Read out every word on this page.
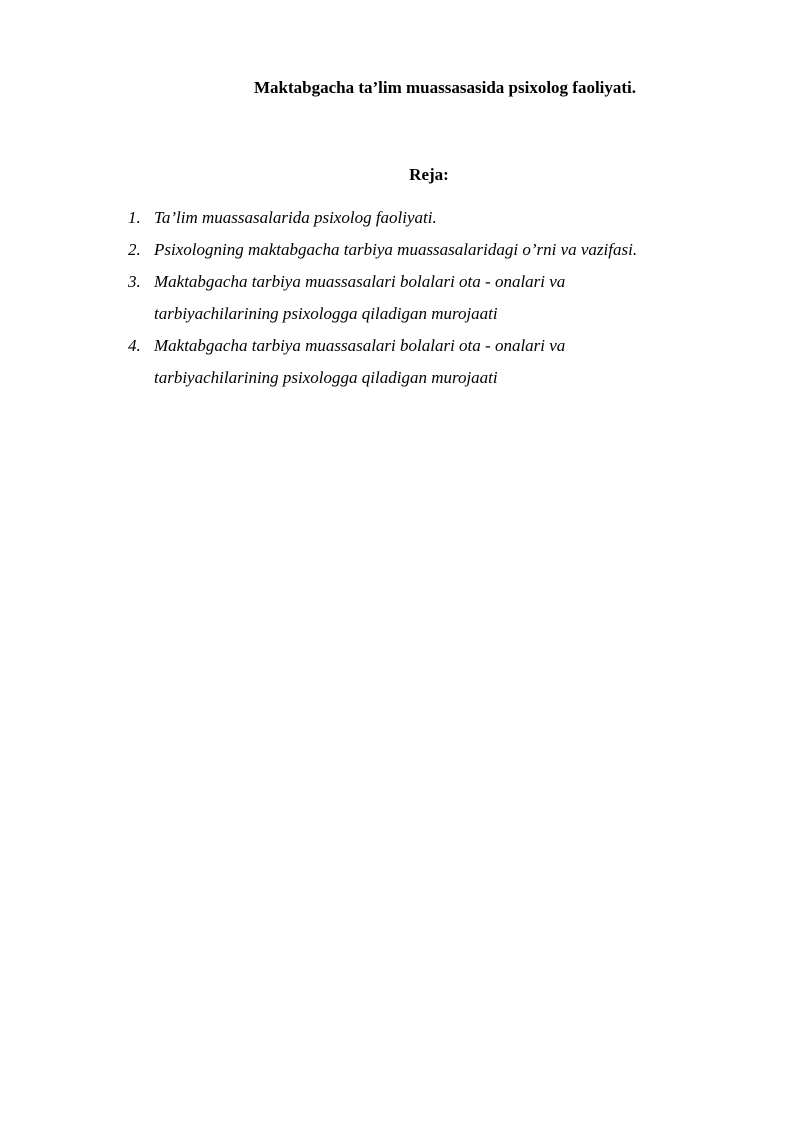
Maktabgacha ta’lim muassasasida psixolog faoliyati.
Reja:
1. Ta’lim muassasalarida psixolog faoliyati.
2. Psixologning maktabgacha tarbiya muassasalaridagi o’rni va vazifasi.
3. Maktabgacha tarbiya muassasalari bolalari ota - onalari va
tarbiyachilarining psixologga qiladigan murojaati
4. Maktabgacha tarbiya muassasalari bolalari ota - onalari va
tarbiyachilarining psixologga qiladigan murojaati
